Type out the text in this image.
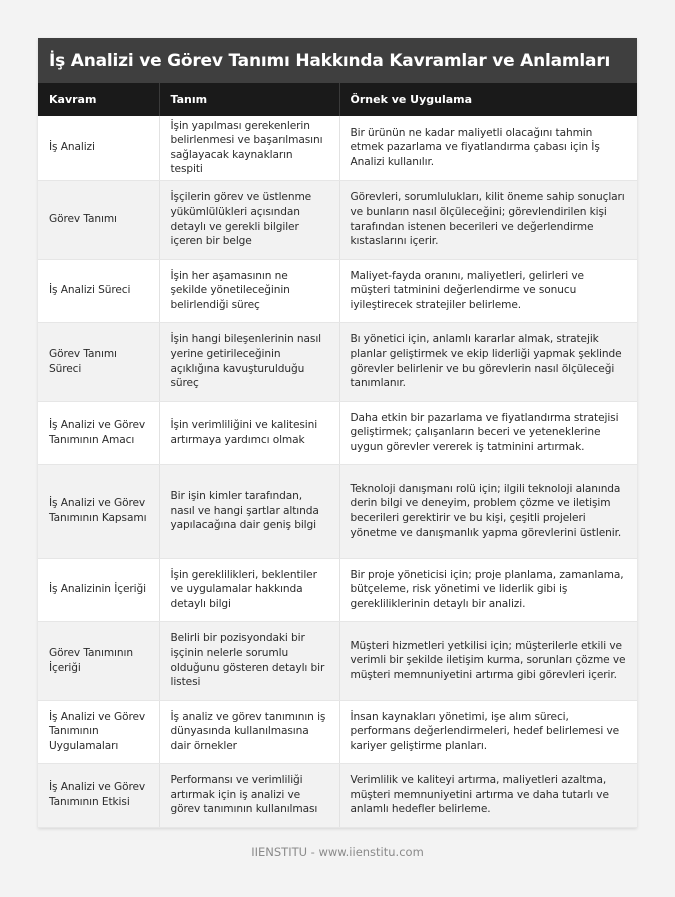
İş Analizi ve Görev Tanımı Hakkında Kavramlar ve Anlamları
Kavram	Tanım	Örnek ve Uygulama
İş Analizi	İşin yapılması gerekenlerin belirlenmesi ve başarılmasını sağlayacak kaynakların tespiti	Bir ürünün ne kadar maliyetli olacağını tahmin etmek pazarlama ve fiyatlandırma çabası için İş Analizi kullanılır.
Görev Tanımı	İşçilerin görev ve üstlenme yükümlülükleri açısından detaylı ve gerekli bilgiler içeren bir belge	Görevleri, sorumlulukları, kilit öneme sahip sonuçları ve bunların nasıl ölçüleceğini; görevlendirilen kişi tarafından istenen becerileri ve değerlendirme kıstaslarını içerir.
İş Analizi Süreci	İşin her aşamasının ne şekilde yönetileceğinin belirlendiği süreç	Maliyet-fayda oranını, maliyetleri, gelirleri ve müşteri tatminini değerlendirme ve sonucu iyileştirecek stratejiler belirleme.
Görev Tanımı Süreci	İşin hangi bileşenlerinin nasıl yerine getirileceğinin açıklığına kavuşturulduğu süreç	Bı yönetici için, anlamlı kararlar almak, stratejik planlar geliştirmek ve ekip liderliği yapmak şeklinde görevler belirlenir ve bu görevlerin nasıl ölçüleceği tanımlanır.
İş Analizi ve Görev Tanımının Amacı	İşin verimliliğini ve kalitesini artırmaya yardımcı olmak	Daha etkin bir pazarlama ve fiyatlandırma stratejisi geliştirmek; çalışanların beceri ve yeteneklerine uygun görevler vererek iş tatminini artırmak.
İş Analizi ve Görev Tanımının Kapsamı	Bir işin kimler tarafından, nasıl ve hangi şartlar altında yapılacağına dair geniş bilgi	Teknoloji danışmanı rolü için; ilgili teknoloji alanında derin bilgi ve deneyim, problem çözme ve iletişim becerileri gerektirir ve bu kişi, çeşitli projeleri yönetme ve danışmanlık yapma görevlerini üstlenir.
İş Analizinin İçeriği	İşin gereklilikleri, beklentiler ve uygulamalar hakkında detaylı bilgi	Bir proje yöneticisi için; proje planlama, zamanlama, bütçeleme, risk yönetimi ve liderlik gibi iş gerekliliklerinin detaylı bir analizi.
Görev Tanımının İçeriği	Belirli bir pozisyondaki bir işçinin nelerle sorumlu olduğunu gösteren detaylı bir listesi	Müşteri hizmetleri yetkilisi için; müşterilerle etkili ve verimli bir şekilde iletişim kurma, sorunları çözme ve müşteri memnuniyetini artırma gibi görevleri içerir.
İş Analizi ve Görev Tanımının Uygulamaları	İş analiz ve görev tanımının iş dünyasında kullanılmasına dair örnekler	İnsan kaynakları yönetimi, işe alım süreci, performans değerlendirmeleri, hedef belirlemesi ve kariyer geliştirme planları.
İş Analizi ve Görev Tanımının Etkisi	Performansı ve verimliliği artırmak için iş analizi ve görev tanımının kullanılması	Verimlilik ve kaliteyi artırma, maliyetleri azaltma, müşteri memnuniyetini artırma ve daha tutarlı ve anlamlı hedefler belirleme.
IIENSTITU - www.iienstitu.com
